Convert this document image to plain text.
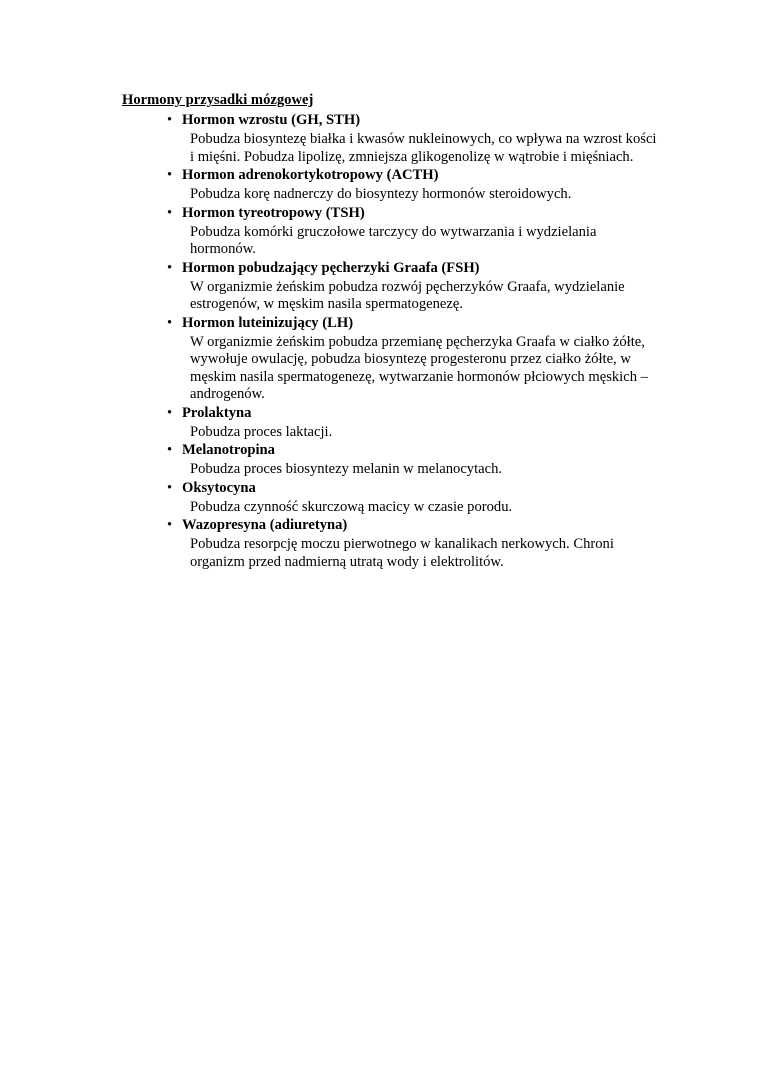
Hormony przysadki mózgowej
• Hormon wzrostu (GH, STH)
Pobudza biosyntezę białka i kwasów nukleinowych, co wpływa na wzrost kości i mięśni. Pobudza lipolizę, zmniejsza glikogenolizę w wątrobie i mięśniach.
• Hormon adrenokortykotropowy (ACTH)
Pobudza korę nadnerczy do biosyntezy hormonów steroidowych.
• Hormon tyreotropowy (TSH)
Pobudza komórki gruczołowe tarczycy do wytwarzania i wydzielania hormonów.
• Hormon pobudzający pęcherzyki Graafa (FSH)
W organizmie żeńskim pobudza rozwój pęcherzyków Graafa, wydzielanie estrogenów, w męskim nasila spermatogenezę.
• Hormon luteinizujący (LH)
W organizmie żeńskim pobudza przemianę pęcherzyka Graafa w ciałko żółte, wywołuje owulację, pobudza biosyntezę progesteronu przez ciałko żółte, w męskim nasila spermatogenezę, wytwarzanie hormonów płciowych męskich – androgenów.
• Prolaktyna
Pobudza proces laktacji.
• Melanotropina
Pobudza proces biosyntezy melanin w melanocytach.
• Oksytocyna
Pobudza czynność skurczową macicy w czasie porodu.
• Wazopresyna (adiuretyna)
Pobudza resorpcję moczu pierwotnego w kanalikach nerkowych. Chroni organizm przed nadmierną utratą wody i elektrolitów.
